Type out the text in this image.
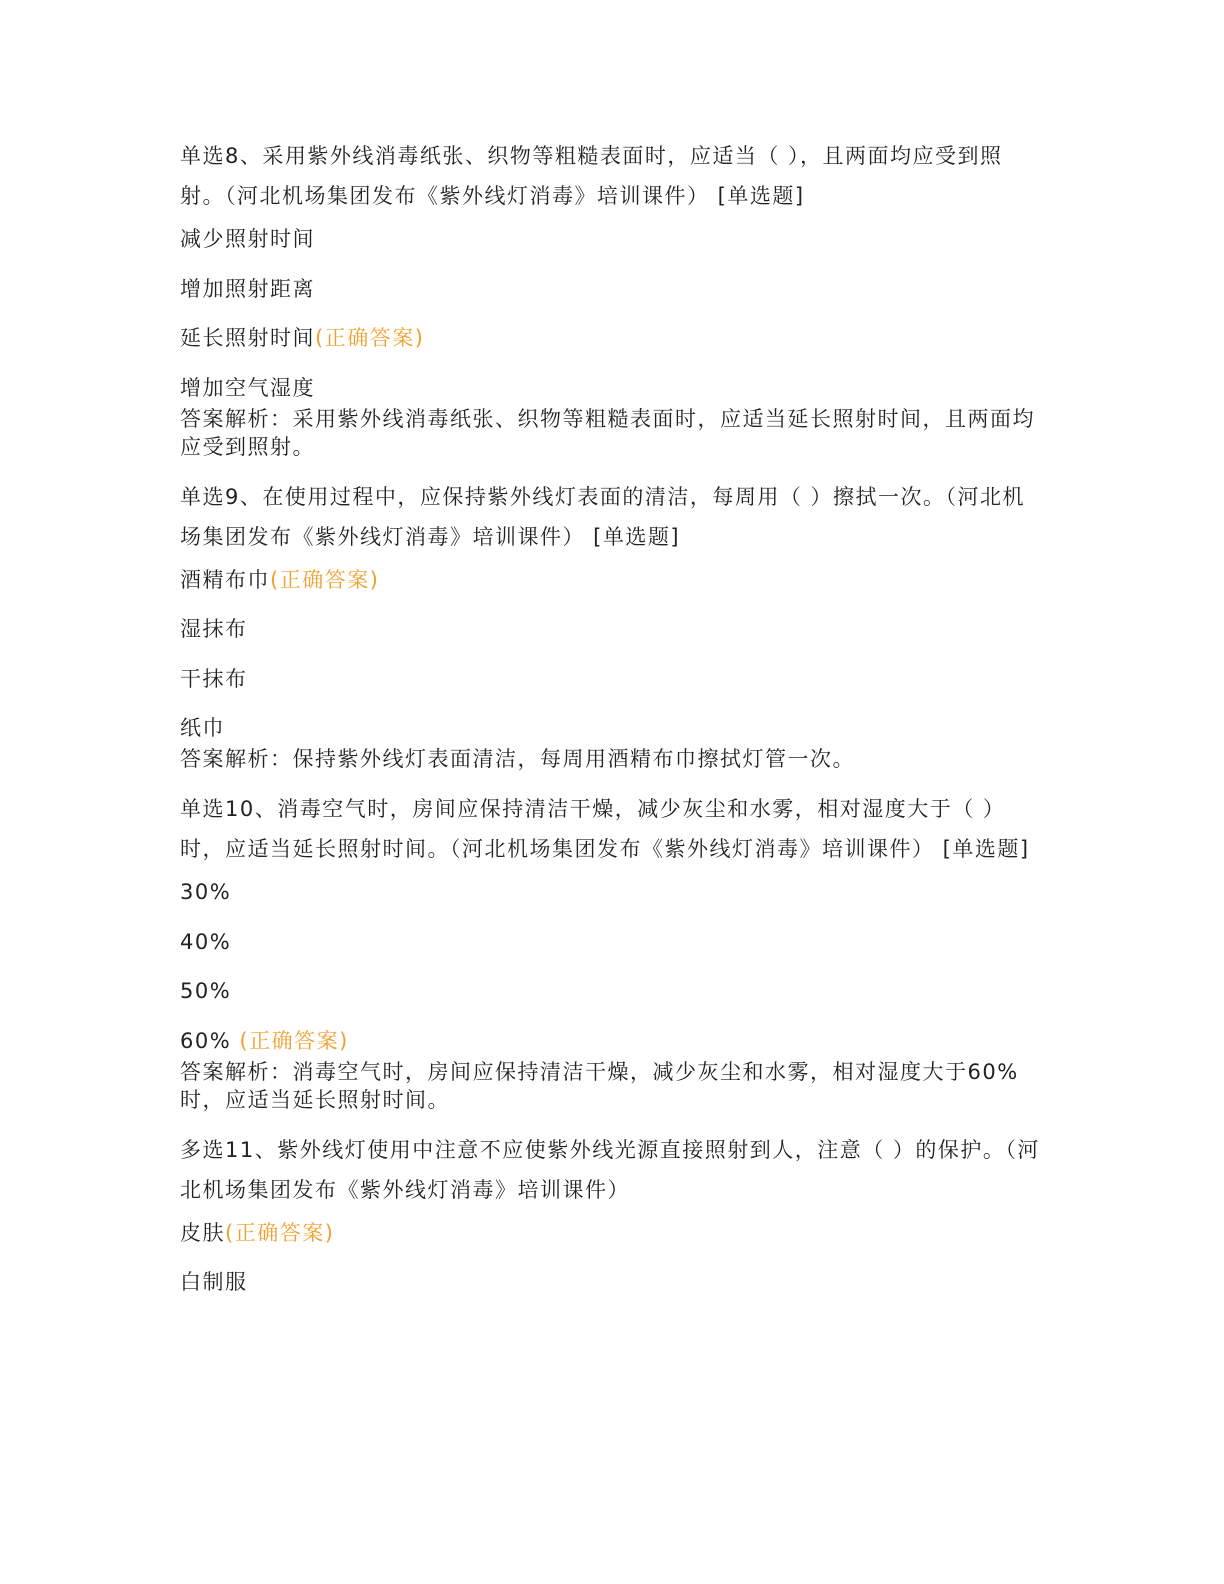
单选8、采用紫外线消毒纸张、织物等粗糙表面时，应适当（ ），且两面均应受到照射。（河北机场集团发布《紫外线灯消毒》培训课件） [单选题]
减少照射时间
增加照射距离
延长照射时间(正确答案)
增加空气湿度
答案解析：采用紫外线消毒纸张、织物等粗糙表面时，应适当延长照射时间，且两面均应受到照射。
单选9、在使用过程中，应保持紫外线灯表面的清洁，每周用（ ）擦拭一次。（河北机场集团发布《紫外线灯消毒》培训课件） [单选题]
酒精布巾(正确答案)
湿抹布
干抹布
纸巾
答案解析：保持紫外线灯表面清洁，每周用酒精布巾擦拭灯管一次。
单选10、消毒空气时，房间应保持清洁干燥，减少灰尘和水雾，相对湿度大于（ ）时，应适当延长照射时间。（河北机场集团发布《紫外线灯消毒》培训课件） [单选题]
30%
40%
50%
60% (正确答案)
答案解析：消毒空气时，房间应保持清洁干燥，减少灰尘和水雾，相对湿度大于60% 时，应适当延长照射时间。
多选11、紫外线灯使用中注意不应使紫外线光源直接照射到人，注意（ ）的保护。（河北机场集团发布《紫外线灯消毒》培训课件）
皮肤(正确答案)
白制服
